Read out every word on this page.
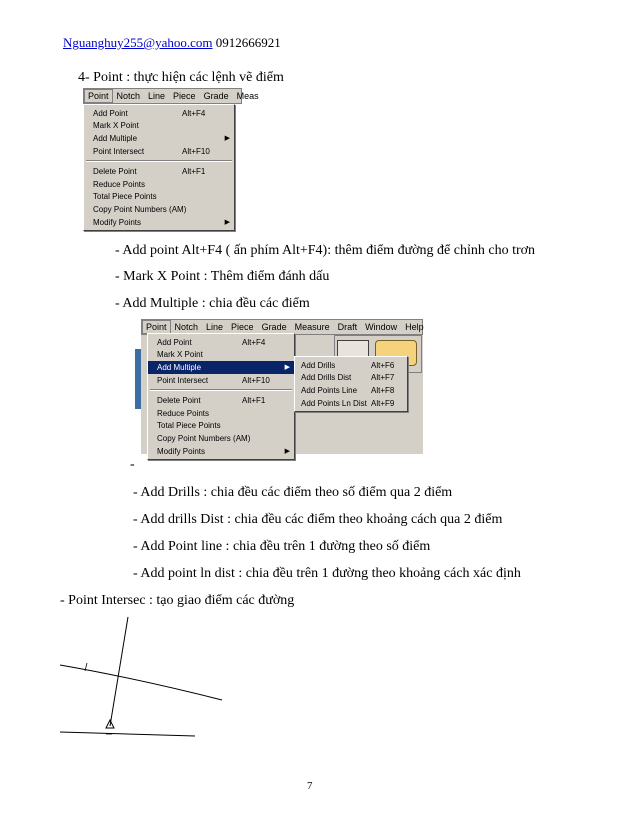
Nguanghuy255@yahoo.com 0912666921
4- Point : thực hiện các lệnh vẽ điểm
Point Notch Line Piece Grade Meas
Add Point	Alt+F4
Mark X Point
Add Multiple	▶
Point Intersect	Alt+F10
Delete Point	Alt+F1
Reduce Points
Total Piece Points
Copy Point Numbers (AM)
Modify Points	▶
- Add point Alt+F4 ( ấn phím Alt+F4): thêm điểm đường để chỉnh cho trơn
- Mark X Point : Thêm điểm đánh dấu
- Add Multiple : chia đều các điểm
Point Notch Line Piece Grade Measure Draft Window Help
Add Point	Alt+F4
Mark X Point
Add Multiple	▶
Point Intersect	Alt+F10
Delete Point	Alt+F1
Reduce Points
Total Piece Points
Copy Point Numbers (AM)
Modify Points	▶
Add Drills	Alt+F6
Add Drills Dist	Alt+F7
Add Points Line	Alt+F8
Add Points Ln Dist Alt+F9
-
- Add Drills : chia đều các điểm theo số điểm qua 2 điểm
- Add drills Dist : chia đều các điểm theo khoảng cách qua 2 điểm
- Add Point line : chia đều trên 1 đường theo số điểm
- Add point ln dist : chia đều trên 1 đường theo khoảng cách xác định
- Point Intersec : tạo giao điểm các đường
7
